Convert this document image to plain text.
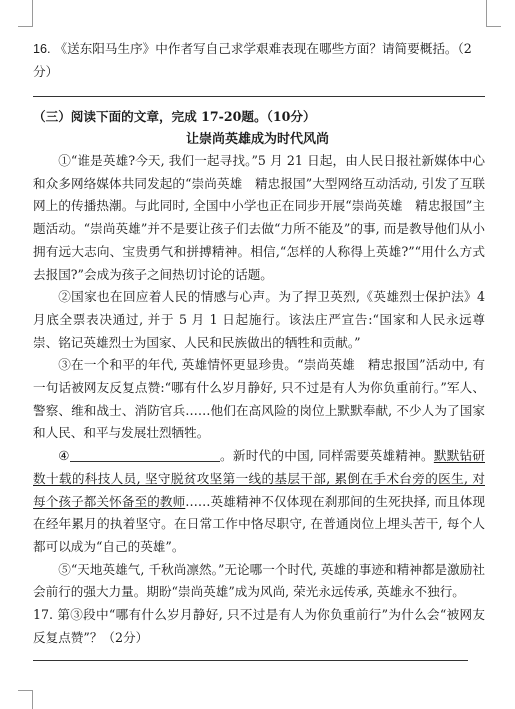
16. 《送东阳马生序》中作者写自己求学艰难表现在哪些方面？请简要概括。（2分）

（三）阅读下面的文章，完成 17-20题。（10分）
让崇尚英雄成为时代风尚

①“谁是英雄?今天, 我们一起寻找。”5 月 21 日起，由人民日报社新媒体中心和众多网络媒体共同发起的“崇尚英雄　精忠报国”大型网络互动活动, 引发了互联网上的传播热潮。与此同时, 全国中小学也正在同步开展“崇尚英雄　精忠报国”主题活动。“崇尚英雄”并不是要让孩子们去做“力所不能及”的事, 而是教导他们从小拥有远大志向、宝贵勇气和拼搏精神。相信,“怎样的人称得上英雄?”“用什么方式去报国?”会成为孩子之间热切讨论的话题。

②国家也在回应着人民的情感与心声。为了捍卫英烈,《英雄烈士保护法》4 月底全票表决通过, 并于 5 月 1 日起施行。该法庄严宣告:“国家和人民永远尊崇、铭记英雄烈士为国家、人民和民族做出的牺牲和贡献。”

③在一个和平的年代, 英雄情怀更显珍贵。“崇尚英雄　精忠报国”活动中, 有一句话被网友反复点赞:“哪有什么岁月静好, 只不过是有人为你负重前行。”军人、警察、维和战士、消防官兵……他们在高风险的岗位上默默奉献, 不少人为了国家和人民、和平与发展壮烈牺牲。

④	。新时代的中国, 同样需要英雄精神。默默钻研数十载的科技人员, 坚守脱贫攻坚第一线的基层干部, 累倒在手术台旁的医生, 对每个孩子都关怀备至的教师……英雄精神不仅体现在刹那间的生死抉择, 而且体现在经年累月的执着坚守。在日常工作中恪尽职守, 在普通岗位上埋头苦干, 每个人都可以成为“自己的英雄”。

⑤“天地英雄气, 千秋尚凛然。”无论哪一个时代, 英雄的事迹和精神都是激励社会前行的强大力量。期盼“崇尚英雄”成为风尚, 荣光永远传承, 英雄永不独行。

17. 第③段中“哪有什么岁月静好, 只不过是有人为你负重前行”为什么会“被网友反复点赞”？（2分）
